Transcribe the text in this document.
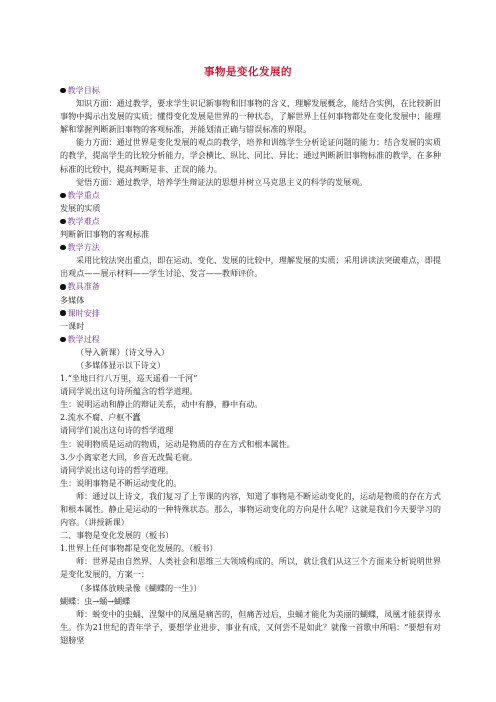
事物是变化发展的
教学目标

知识方面：通过教学，要求学生识记新事物和旧事物的含义，理解发展概念，能结合实例，在比较新旧事物中揭示出发展的实质；懂得变化发展是世界的一种状态，了解世界上任何事物都处在变化发展中；能理解和掌握判断新旧事物的客观标准，并能划清正确与错误标准的界限。

能力方面：通过世界是变化发展的观点的教学，培养和训练学生分析论证问题的能力；结合发展的实质的教学，提高学生的比较分析能力，学会横比、纵比、同比、异比；通过判断新旧事物标准的教学，在多种标准的比较中，提高判断是非、正误的能力。

觉悟方面：通过教学，培养学生辩证法的思想并树立马克思主义的科学的发展观。

教学重点

发展的实质

教学难点

判断新旧事物的客观标准

教学方法

采用比较法突出重点，即在运动、变化、发展的比较中，理解发展的实质；采用讲读法突破难点，即提出观点——展示材料——学生讨论、发言——教师评价。

教具准备

多媒体

课时安排

一课时

教学过程

（导入新课）（诗文导入）

（多媒体显示以下诗文）

1.“坐地日行八万里，巡天遥看一千河”

请同学说出这句诗所蕴含的哲学道理。

生：说明运动和静止的辩证关系，动中有静，静中有动。

2.流水不腐、户枢不蠹

请同学们说出这句诗的哲学道理

生：说明物质是运动的物质，运动是物质的存在方式和根本属性。

3.少小离家老大回，乡音无改鬓毛衰。

请同学说出这句诗的哲学道理。

生：说明事物是不断运动变化的。

师：通过以上诗文，我们复习了上节课的内容，知道了事物是不断运动变化的，运动是物质的存在方式和根本属性。静止是运动的一种特殊状态。那么，事物运动变化的方向是什么呢？这就是我们今天要学习的内容。（讲授新课）

二、事物是变化发展的（板书）

1.世界上任何事物都是变化发展的。（板书）

师：世界是由自然界、人类社会和思维三大领域构成的。所以，就让我们从这三个方面来分析说明世界是变化发展的，方案一：

（多媒体放映录像《蝴蝶的一生》）

蝴蝶：虫→蛹→蝴蝶

师：蜕变中的虫蛹、涅槃中的凤凰是痛苦的，但痛苦过后，虫蛹才能化为美丽的蝴蝶，凤凰才能获得永生。作为21世纪的青年学子，要想学业进步、事业有成，又何尝不是如此？就像一首歌中所唱：“要想有对翅膀坚
